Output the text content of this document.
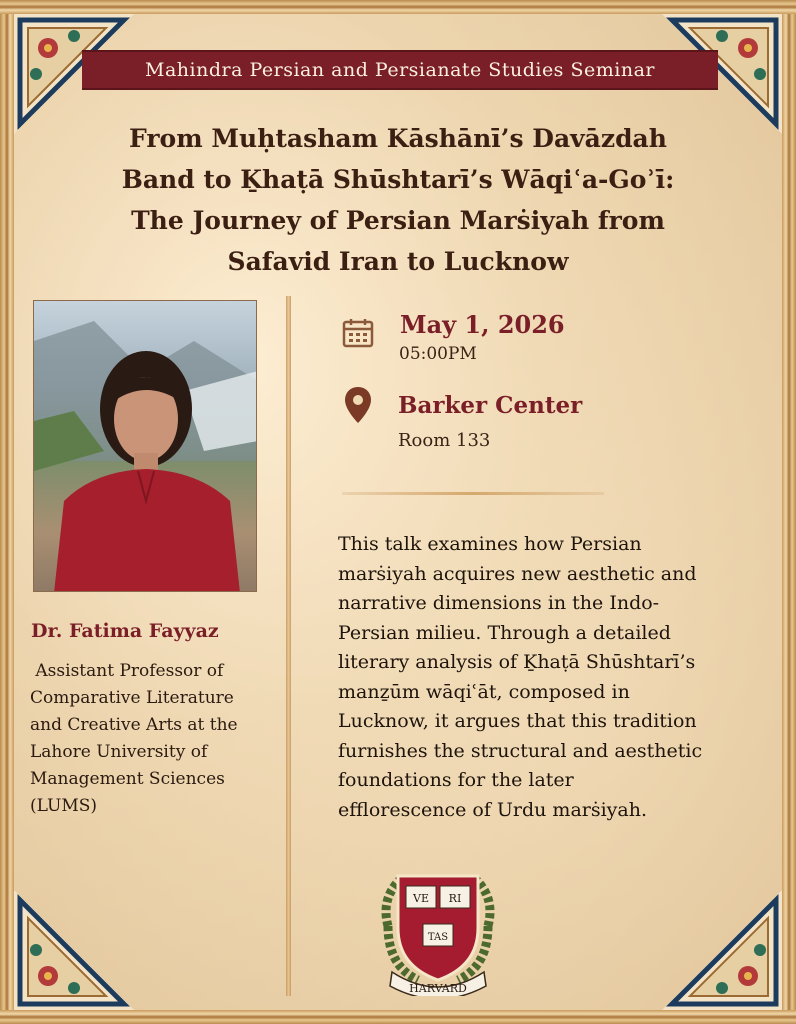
Mahindra Persian and Persianate Studies Seminar
From Muḥtasham Kāshānī’s Davāzdah
Band to Ḵhaṭā Shūshtarī’s Wāqiʿa-Goʾī:
The Journey of Persian Marṡiyah from
Safavid Iran to Lucknow
Dr. Fatima Fayyaz
Assistant Professor of
Comparative Literature
and Creative Arts at the
Lahore University of
Management Sciences
(LUMS)
May 1, 2026
05:00PM
Barker Center
Room 133
This talk examines how Persian
marṡiyah acquires new aesthetic and
narrative dimensions in the Indo-
Persian milieu. Through a detailed
literary analysis of Ḵhaṭā Shūshtarī’s
manẕūm wāqiʿāt, composed in
Lucknow, it argues that this tradition
furnishes the structural and aesthetic
foundations for the later
efflorescence of Urdu marṡiyah.
VE RI
TAS
HARVARD
